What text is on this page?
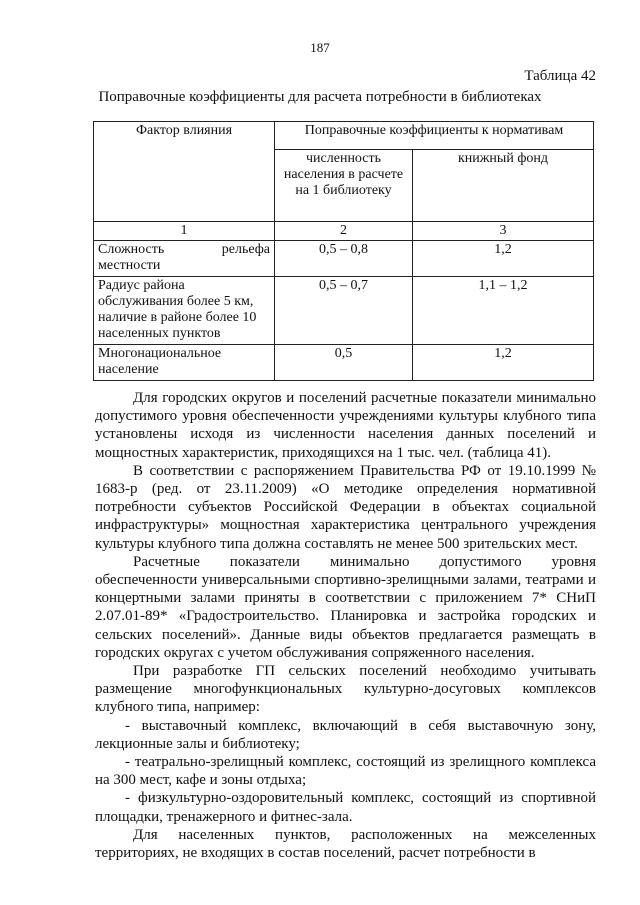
187
Таблица 42
Поправочные коэффициенты для расчета потребности в библиотеках
Фактор влияния	Поправочные коэффициенты к нормативам	
	численность населения в расчете на 1 библиотеку	книжный фонд
1	2	3
Сложность рельефа местности	0,5 – 0,8	1,2
Радиус района обслуживания более 5 км, наличие в районе более 10 населенных пунктов	0,5 – 0,7	1,1 – 1,2
Многонациональное население	0,5	1,2

Для городских округов и поселений расчетные показатели минимально допустимого уровня обеспеченности учреждениями культуры клубного типа установлены исходя из численности населения данных поселений и мощностных характеристик, приходящихся на 1 тыс. чел. (таблица 41).

В соответствии с распоряжением Правительства РФ от 19.10.1999 № 1683-р (ред. от 23.11.2009) «О методике определения нормативной потребности субъектов Российской Федерации в объектах социальной инфраструктуры» мощностная характеристика центрального учреждения культуры клубного типа должна составлять не менее 500 зрительских мест.

Расчетные показатели минимально допустимого уровня обеспеченности универсальными спортивно-зрелищными залами, театрами и концертными залами приняты в соответствии с приложением 7* СНиП 2.07.01-89* «Градостроительство. Планировка и застройка городских и сельских поселений». Данные виды объектов предлагается размещать в городских округах с учетом обслуживания сопряженного населения.

При разработке ГП сельских поселений необходимо учитывать размещение многофункциональных культурно-досуговых комплексов клубного типа, например:

- выставочный комплекс, включающий в себя выставочную зону, лекционные залы и библиотеку;

- театрально-зрелищный комплекс, состоящий из зрелищного комплекса на 300 мест, кафе и зоны отдыха;

- физкультурно-оздоровительный комплекс, состоящий из спортивной площадки, тренажерного и фитнес-зала.

Для населенных пунктов, расположенных на межселенных территориях, не входящих в состав поселений, расчет потребности в
